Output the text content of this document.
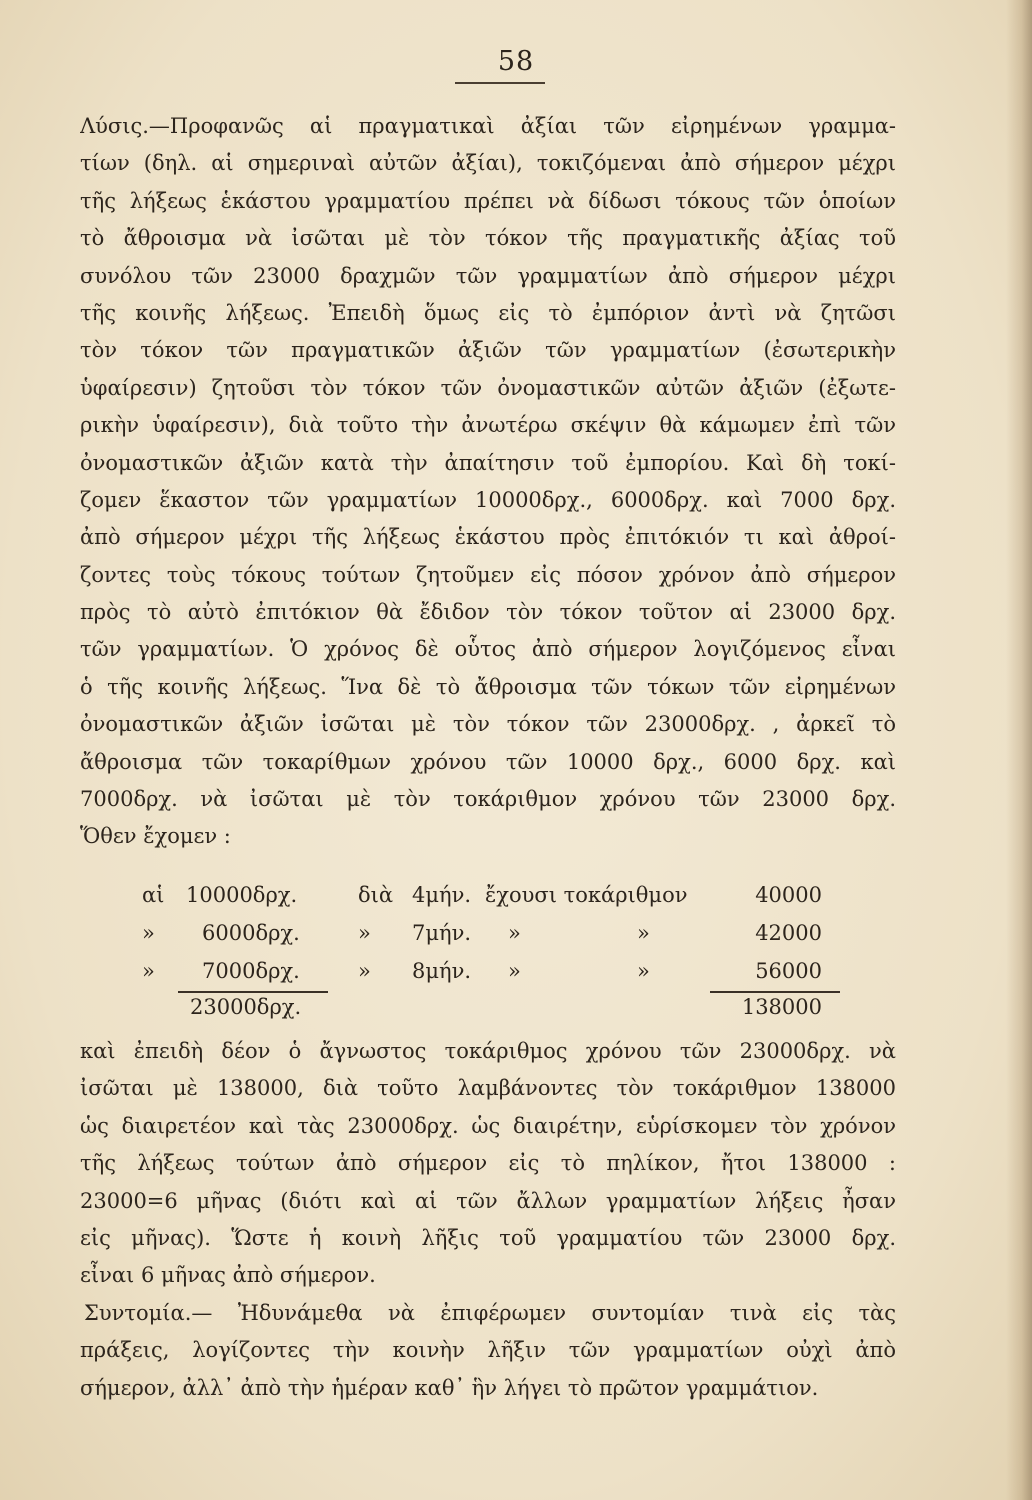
58
Λύσις.—Προφανῶς αἱ πραγματικαὶ ἀξίαι τῶν εἰρημένων γραμμα-
τίων (δηλ. αἱ σημεριναὶ αὐτῶν ἀξίαι), τοκιζόμεναι ἀπὸ σήμερον μέχρι
τῆς λήξεως ἑκάστου γραμματίου πρέπει νὰ δίδωσι τόκους τῶν ὁποίων
τὸ ἄθροισμα νὰ ἰσῶται μὲ τὸν τόκον τῆς πραγματικῆς ἀξίας τοῦ
συνόλου τῶν 23000 δραχμῶν τῶν γραμματίων ἀπὸ σήμερον μέχρι
τῆς κοινῆς λήξεως. Ἐπειδὴ ὅμως εἰς τὸ ἐμπόριον ἀντὶ νὰ ζητῶσι
τὸν τόκον τῶν πραγματικῶν ἀξιῶν τῶν γραμματίων (ἐσωτερικὴν
ὑφαίρεσιν) ζητοῦσι τὸν τόκον τῶν ὀνομαστικῶν αὐτῶν ἀξιῶν (ἐξωτε-
ρικὴν ὑφαίρεσιν), διὰ τοῦτο τὴν ἀνωτέρω σκέψιν θὰ κάμωμεν ἐπὶ τῶν
ὀνομαστικῶν ἀξιῶν κατὰ τὴν ἀπαίτησιν τοῦ ἐμπορίου. Καὶ δὴ τοκί-
ζομεν ἕκαστον τῶν γραμματίων 10000δρχ., 6000δρχ. καὶ 7000 δρχ.
ἀπὸ σήμερον μέχρι τῆς λήξεως ἑκάστου πρὸς ἐπιτόκιόν τι καὶ ἀθροί-
ζοντες τοὺς τόκους τούτων ζητοῦμεν εἰς πόσον χρόνον ἀπὸ σήμερον
πρὸς τὸ αὐτὸ ἐπιτόκιον θὰ ἔδιδον τὸν τόκον τοῦτον αἱ 23000 δρχ.
τῶν γραμματίων. Ὁ χρόνος δὲ οὗτος ἀπὸ σήμερον λογιζόμενος εἶναι
ὁ τῆς κοινῆς λήξεως. Ἵνα δὲ τὸ ἄθροισμα τῶν τόκων τῶν εἰρημένων
ὀνομαστικῶν ἀξιῶν ἰσῶται μὲ τὸν τόκον τῶν 23000δρχ. , ἀρκεῖ τὸ
ἄθροισμα τῶν τοκαρίθμων χρόνου τῶν 10000 δρχ., 6000 δρχ. καὶ
7000δρχ. νὰ ἰσῶται μὲ τὸν τοκάριθμον χρόνου τῶν 23000 δρχ.
Ὅθεν ἔχομεν :
αἱ 10000δρχ.	διὰ 4μήν. ἔχουσι τοκάριθμον	40000
» 6000δρχ.	» 7μήν. »	»	42000
» 7000δρχ.	» 8μήν. »	»	56000
23000δρχ.	138000
καὶ ἐπειδὴ δέον ὁ ἄγνωστος τοκάριθμος χρόνου τῶν 23000δρχ. νὰ
ἰσῶται μὲ 138000, διὰ τοῦτο λαμβάνοντες τὸν τοκάριθμον 138000
ὡς διαιρετέον καὶ τὰς 23000δρχ. ὡς διαιρέτην, εὑρίσκομεν τὸν χρόνον
τῆς λήξεως τούτων ἀπὸ σήμερον εἰς τὸ πηλίκον, ἤτοι 138000 :
23000=6 μῆνας (διότι καὶ αἱ τῶν ἄλλων γραμματίων λήξεις ἦσαν
εἰς μῆνας). Ὥστε ἡ κοινὴ λῆξις τοῦ γραμματίου τῶν 23000 δρχ.
εἶναι 6 μῆνας ἀπὸ σήμερον.
Συντομία.— Ἠδυνάμεθα νὰ ἐπιφέρωμεν συντομίαν τινὰ εἰς τὰς
πράξεις, λογίζοντες τὴν κοινὴν λῆξιν τῶν γραμματίων οὐχὶ ἀπὸ
σήμερον, ἀλλ᾽ ἀπὸ τὴν ἡμέραν καθ᾽ ἣν λήγει τὸ πρῶτον γραμμάτιον.
